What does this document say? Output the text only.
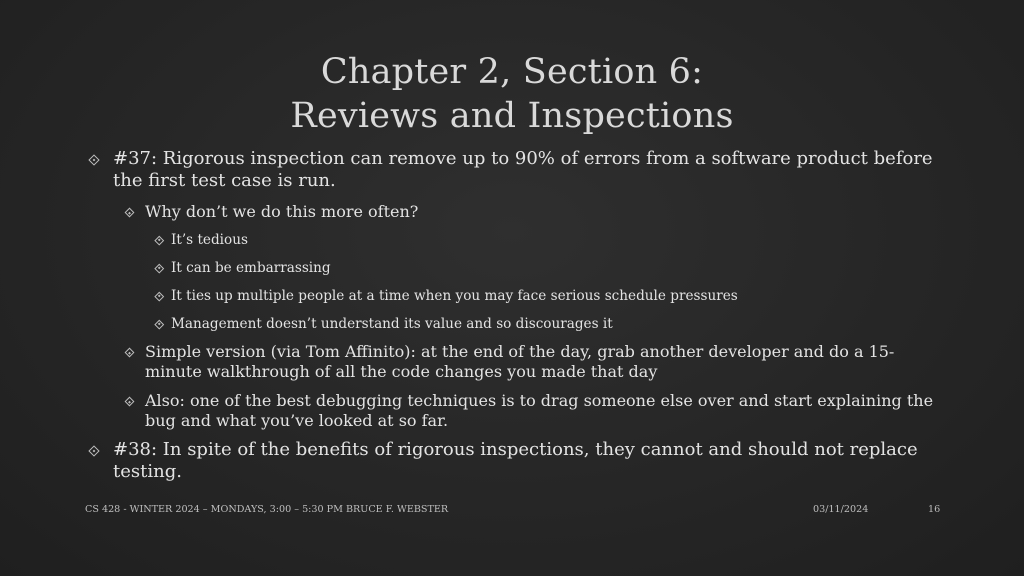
Chapter 2, Section 6:
Reviews and Inspections
#37: Rigorous inspection can remove up to 90% of errors from a software product before the first test case is run.
Why don’t we do this more often?
It’s tedious
It can be embarrassing
It ties up multiple people at a time when you may face serious schedule pressures
Management doesn’t understand its value and so discourages it
Simple version (via Tom Affinito): at the end of the day, grab another developer and do a 15-minute walkthrough of all the code changes you made that day
Also: one of the best debugging techniques is to drag someone else over and start explaining the bug and what you’ve looked at so far.
#38: In spite of the benefits of rigorous inspections, they cannot and should not replace testing.
CS 428 - WINTER 2024 – MONDAYS, 3:00 – 5:30 PM BRUCE F. WEBSTER	03/11/2024	16
